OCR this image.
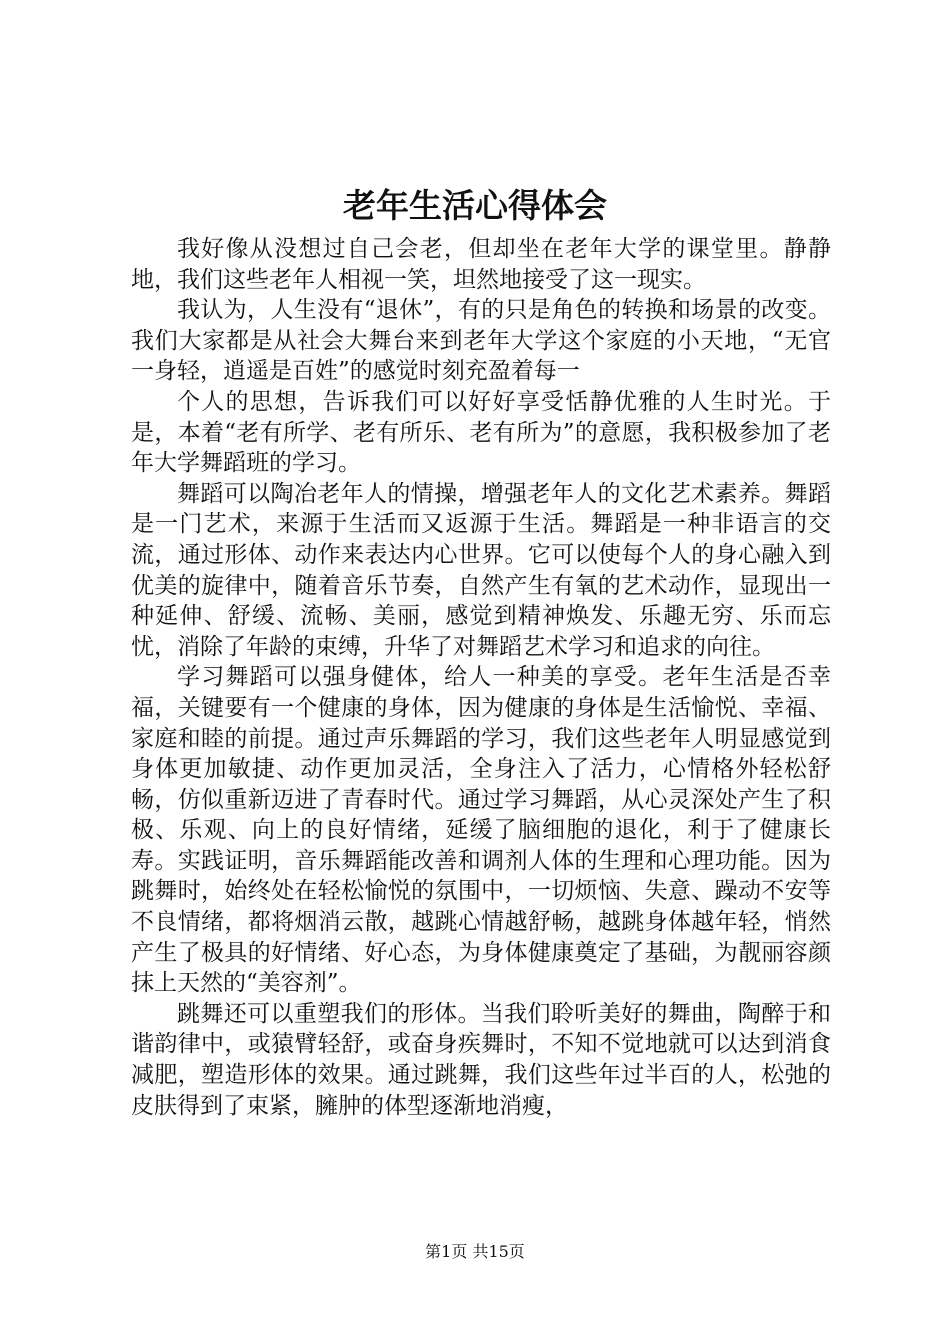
老年生活心得体会

我好像从没想过自己会老，但却坐在老年大学的课堂里。静静地，我们这些老年人相视一笑，坦然地接受了这一现实。

我认为，人生没有“退休”，有的只是角色的转换和场景的改变。我们大家都是从社会大舞台来到老年大学这个家庭的小天地，“无官一身轻，逍遥是百姓”的感觉时刻充盈着每一

个人的思想，告诉我们可以好好享受恬静优雅的人生时光。于是，本着“老有所学、老有所乐、老有所为”的意愿，我积极参加了老年大学舞蹈班的学习。

舞蹈可以陶冶老年人的情操，增强老年人的文化艺术素养。舞蹈是一门艺术，来源于生活而又返源于生活。舞蹈是一种非语言的交流，通过形体、动作来表达内心世界。它可以使每个人的身心融入到优美的旋律中，随着音乐节奏，自然产生有氧的艺术动作，显现出一种延伸、舒缓、流畅、美丽，感觉到精神焕发、乐趣无穷、乐而忘忧，消除了年龄的束缚，升华了对舞蹈艺术学习和追求的向往。

学习舞蹈可以强身健体，给人一种美的享受。老年生活是否幸福，关键要有一个健康的身体，因为健康的身体是生活愉悦、幸福、家庭和睦的前提。通过声乐舞蹈的学习，我们这些老年人明显感觉到身体更加敏捷、动作更加灵活，全身注入了活力，心情格外轻松舒畅，仿似重新迈进了青春时代。通过学习舞蹈，从心灵深处产生了积极、乐观、向上的良好情绪，延缓了脑细胞的退化，利于了健康长寿。实践证明，音乐舞蹈能改善和调剂人体的生理和心理功能。因为跳舞时，始终处在轻松愉悦的氛围中，一切烦恼、失意、躁动不安等不良情绪，都将烟消云散，越跳心情越舒畅，越跳身体越年轻，悄然产生了极具的好情绪、好心态，为身体健康奠定了基础，为靓丽容颜抹上天然的“美容剂”。

跳舞还可以重塑我们的形体。当我们聆听美好的舞曲，陶醉于和谐韵律中，或猿臂轻舒，或奋身疾舞时，不知不觉地就可以达到消食减肥，塑造形体的效果。通过跳舞，我们这些年过半百的人，松弛的皮肤得到了束紧，臃肿的体型逐渐地消瘦，

第1页 共15页
